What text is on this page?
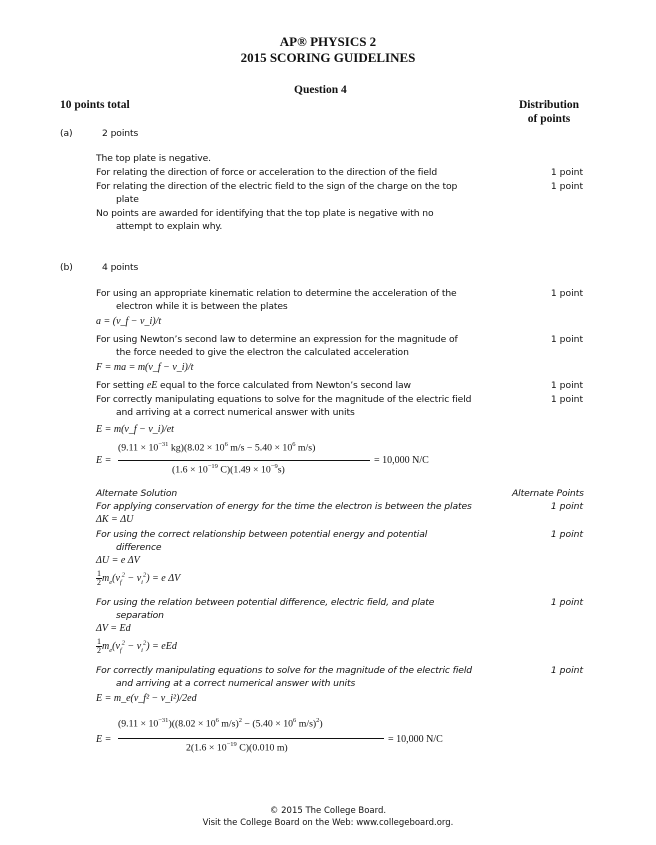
AP® PHYSICS 2
2015 SCORING GUIDELINES
Question 4
10 points total	Distribution
of points
(a)	2 points
The top plate is negative.
For relating the direction of force or acceleration to the direction of the field	1 point
For relating the direction of the electric field to the sign of the charge on the top	1 point
plate
No points are awarded for identifying that the top plate is negative with no
attempt to explain why.
(b)	4 points
For using an appropriate kinematic relation to determine the acceleration of the	1 point
electron while it is between the plates
a = (v_f − v_i)/t
For using Newton’s second law to determine an expression for the magnitude of	1 point
the force needed to give the electron the calculated acceleration
F = ma = m(v_f − v_i)/t
For setting eE equal to the force calculated from Newton’s second law	1 point
For correctly manipulating equations to solve for the magnitude of the electric field	1 point
and arriving at a correct numerical answer with units
E = m(v_f − v_i)/et
E =
($9.11 \times 10^{-31}$ $kg)(8.02 \times 10^6$ $m/s - 5.40 \times 10^6$ m/s)
($1.6 \times 10^{-19}$ $C)(1.49 \times 10^{-9}s)$
= 10,000 N/C
Alternate Solution	Alternate Points
For applying conservation of energy for the time the electron is between the plates	1 point
ΔK = ΔU
For using the correct relationship between potential energy and potential	1 point
difference
ΔU = e ΔV
1
$2m_e(v_f^2 - v_i^2) = e$ ΔV
For using the relation between potential difference, electric field, and plate	1 point
separation
ΔV = Ed
1
$2m_e(v_f^2 - v_i^2)$ = eEd
For correctly manipulating equations to solve for the magnitude of the electric field	1 point
and arriving at a correct numerical answer with units
E = m_e(v_f² − v_i²)/2ed
E =
$(9.11 \times 10^{-31})((8.02 \times 10^6$ $m/s)^2 - (5.40 \times 10^6$ m/s)$^2$)
$2(1.6 \times 10^{-19}$ C)(0.010 m)
= 10,000 N/C
© 2015 The College Board.
Visit the College Board on the Web: www.collegeboard.org.
